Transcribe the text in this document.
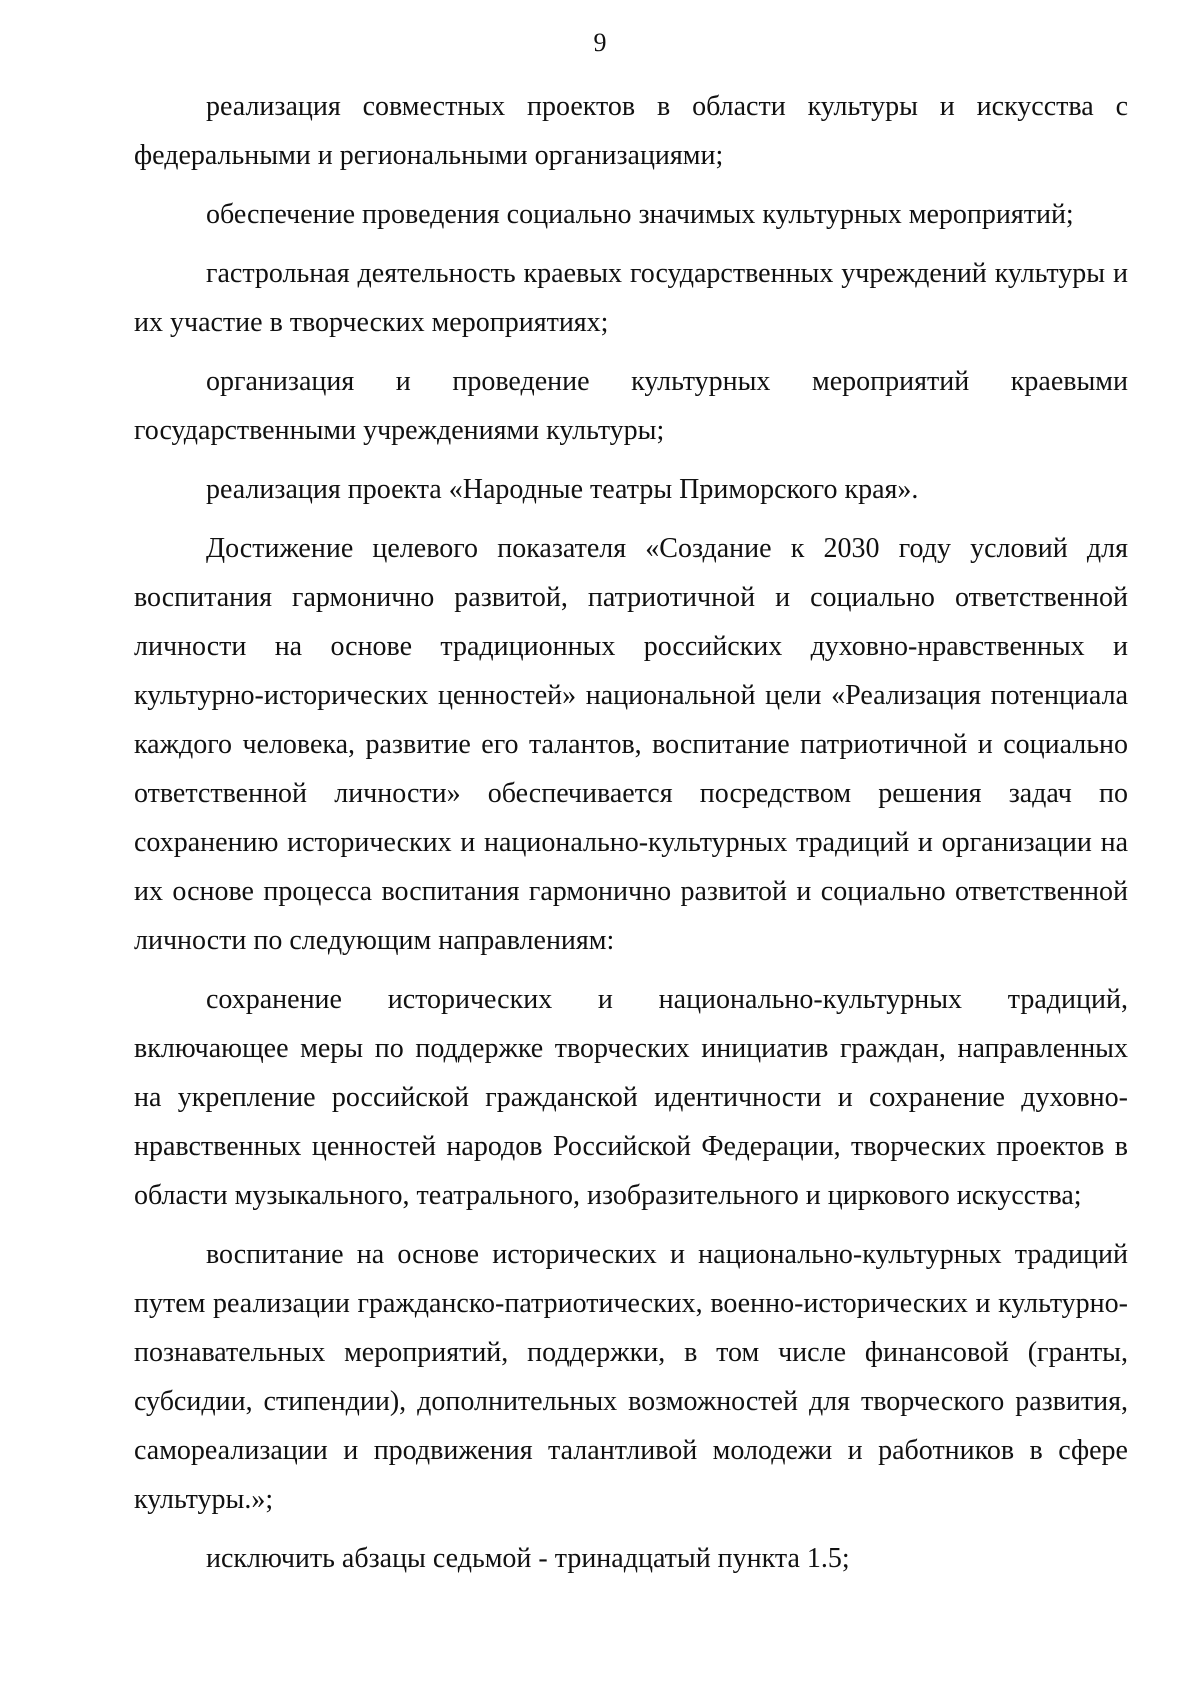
9

реализация совместных проектов в области культуры и искусства с федеральными и региональными организациями;

обеспечение проведения социально значимых культурных мероприятий;

гастрольная деятельность краевых государственных учреждений культуры и их участие в творческих мероприятиях;

организация и проведение культурных мероприятий краевыми государственными учреждениями культуры;

реализация проекта «Народные театры Приморского края».

Достижение целевого показателя «Создание к 2030 году условий для воспитания гармонично развитой, патриотичной и социально ответственной личности на основе традиционных российских духовно-нравственных и культурно-исторических ценностей» национальной цели «Реализация потенциала каждого человека, развитие его талантов, воспитание патриотичной и социально ответственной личности» обеспечивается посредством решения задач по сохранению исторических и национально-культурных традиций и организации на их основе процесса воспитания гармонично развитой и социально ответственной личности по следующим направлениям:

сохранение исторических и национально-культурных традиций, включающее меры по поддержке творческих инициатив граждан, направленных на укрепление российской гражданской идентичности и сохранение духовно-нравственных ценностей народов Российской Федерации, творческих проектов в области музыкального, театрального, изобразительного и циркового искусства;

воспитание на основе исторических и национально-культурных традиций путем реализации гражданско-патриотических, военно-исторических и культурно-познавательных мероприятий, поддержки, в том числе финансовой (гранты, субсидии, стипендии), дополнительных возможностей для творческого развития, самореализации и продвижения талантливой молодежи и работников в сфере культуры.»;

исключить абзацы седьмой - тринадцатый пункта 1.5;
